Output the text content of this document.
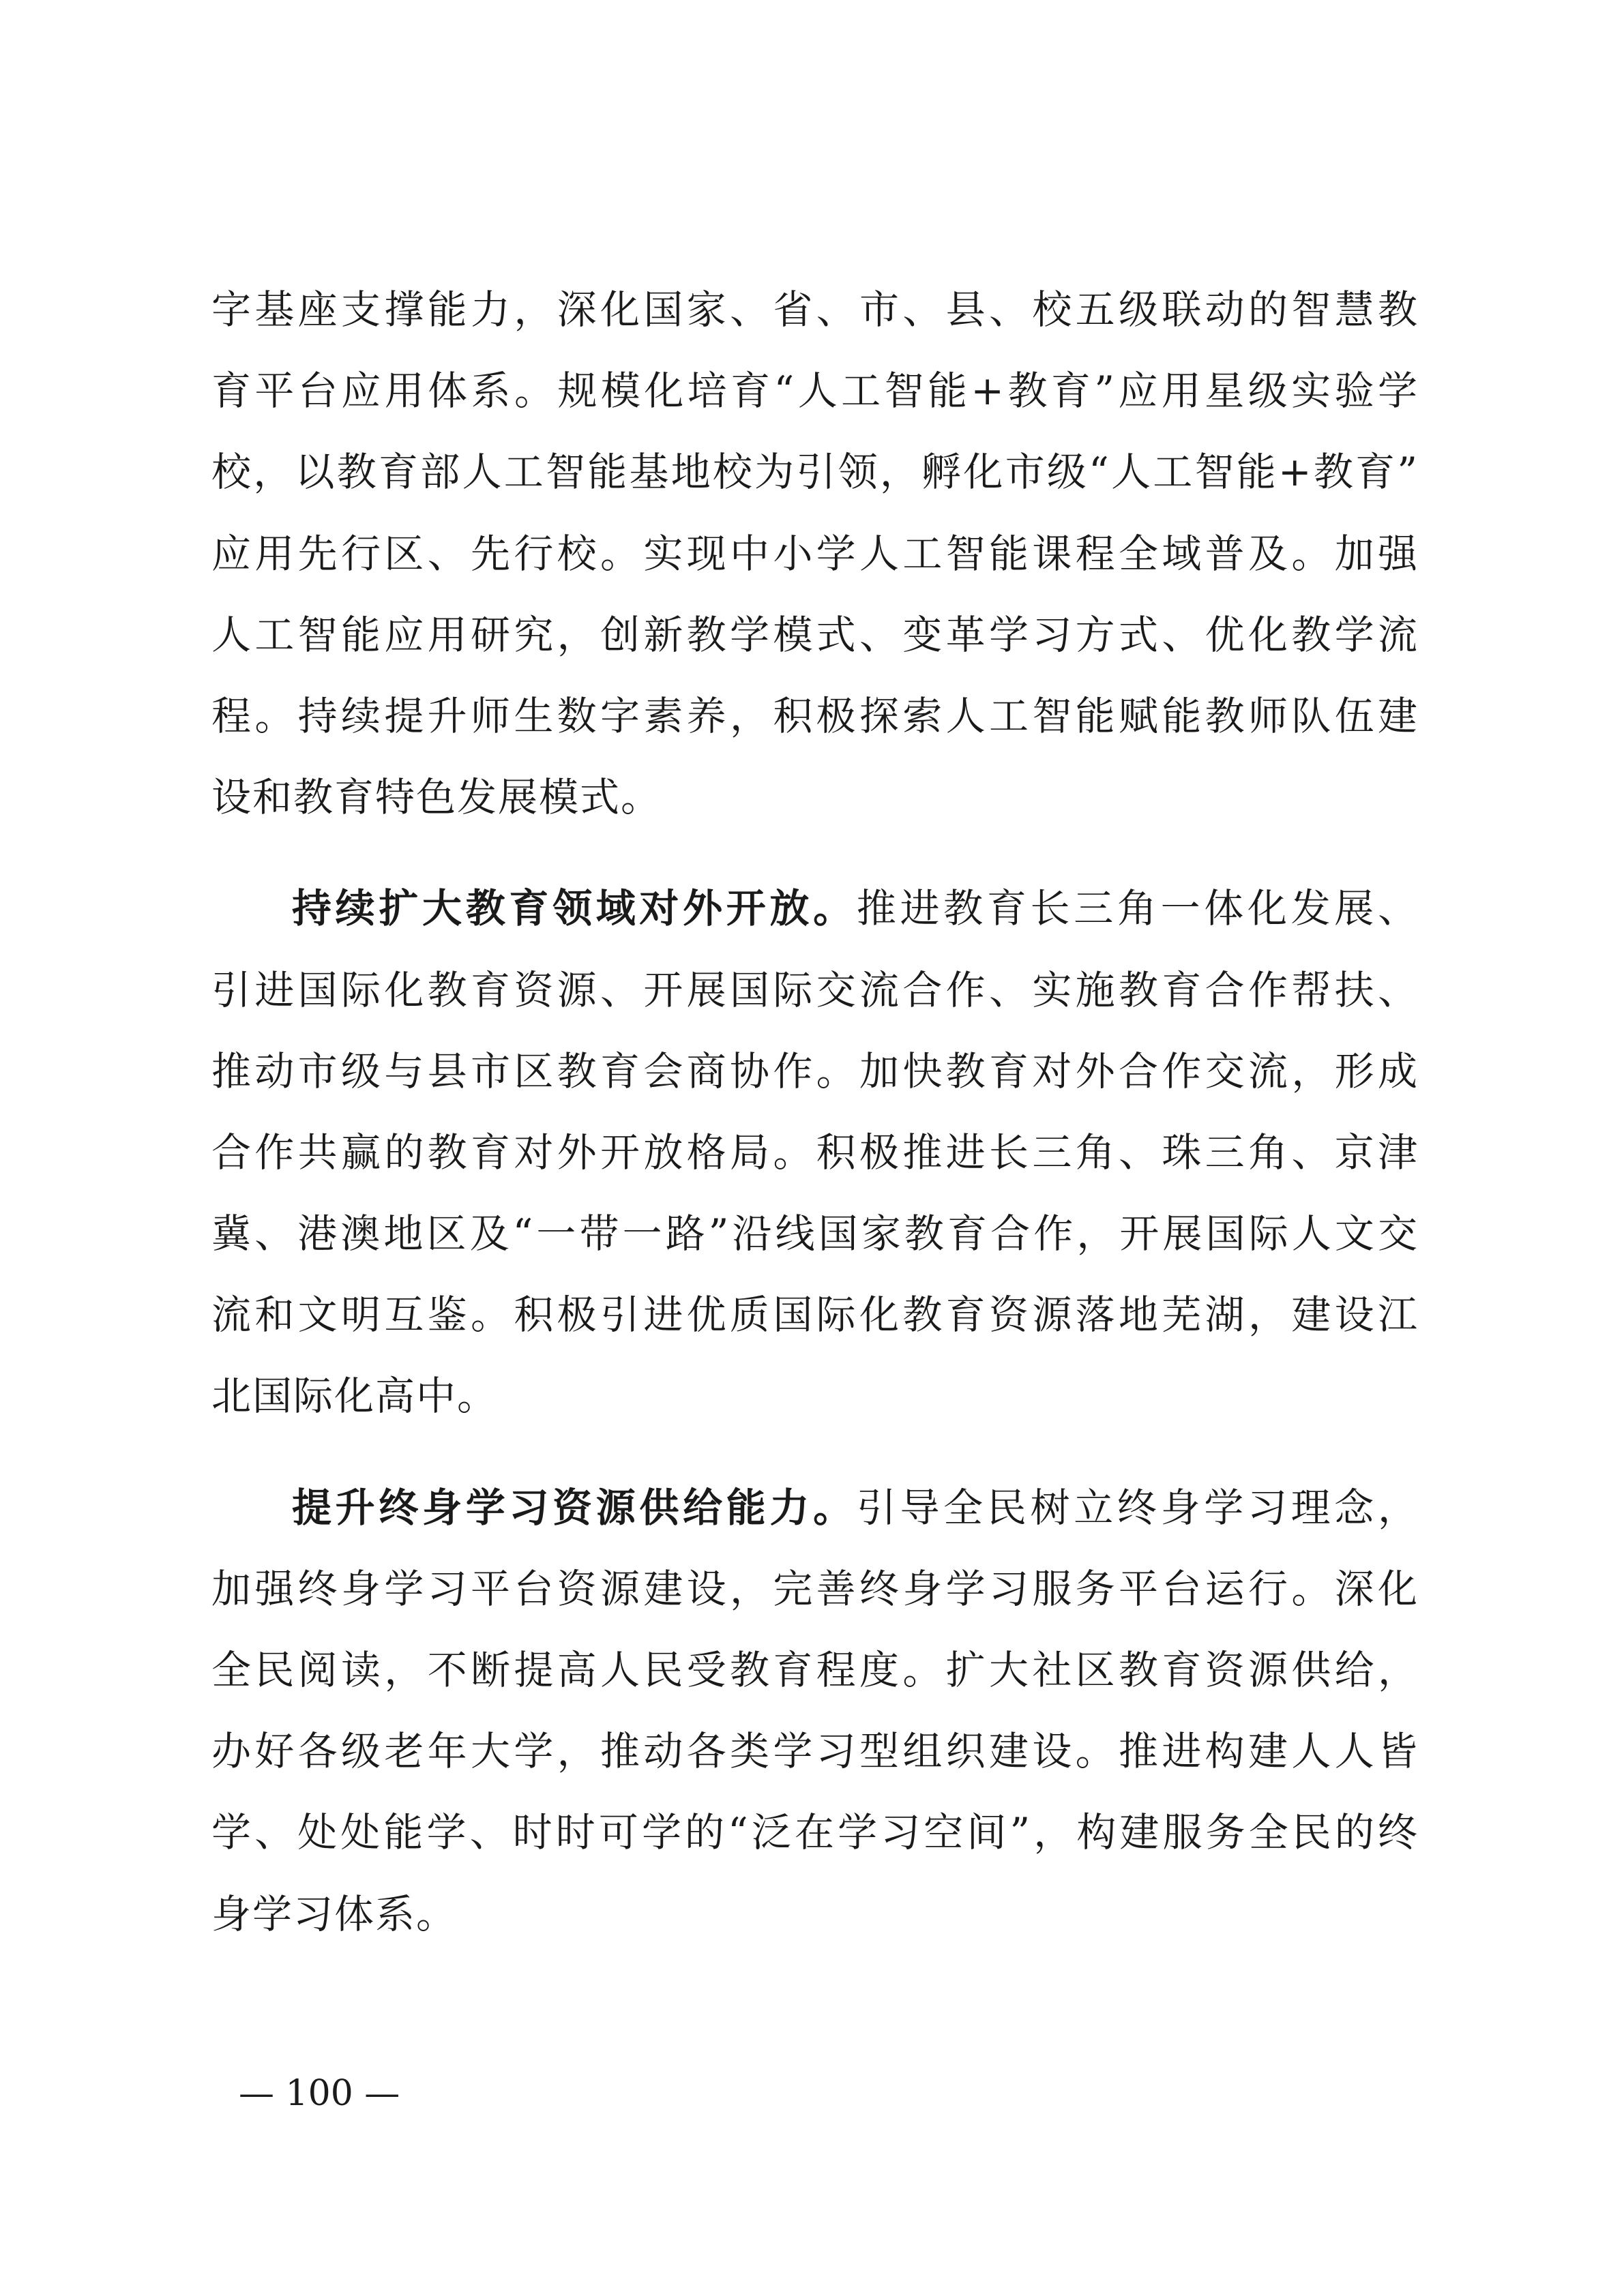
字基座支撑能力，深化国家、省、市、县、校五级联动的智慧教
育平台应用体系。规模化培育“人工智能+教育”应用星级实验学
校，以教育部人工智能基地校为引领，孵化市级“人工智能+教育”
应用先行区、先行校。实现中小学人工智能课程全域普及。加强
人工智能应用研究，创新教学模式、变革学习方式、优化教学流
程。持续提升师生数字素养，积极探索人工智能赋能教师队伍建
设和教育特色发展模式。
持续扩大教育领域对外开放。推进教育长三角一体化发展、
引进国际化教育资源、开展国际交流合作、实施教育合作帮扶、
推动市级与县市区教育会商协作。加快教育对外合作交流，形成
合作共赢的教育对外开放格局。积极推进长三角、珠三角、京津
冀、港澳地区及“一带一路”沿线国家教育合作，开展国际人文交
流和文明互鉴。积极引进优质国际化教育资源落地芜湖，建设江
北国际化高中。
提升终身学习资源供给能力。引导全民树立终身学习理念，
加强终身学习平台资源建设，完善终身学习服务平台运行。深化
全民阅读，不断提高人民受教育程度。扩大社区教育资源供给，
办好各级老年大学，推动各类学习型组织建设。推进构建人人皆
学、处处能学、时时可学的“泛在学习空间”，构建服务全民的终
身学习体系。
— 100 —
